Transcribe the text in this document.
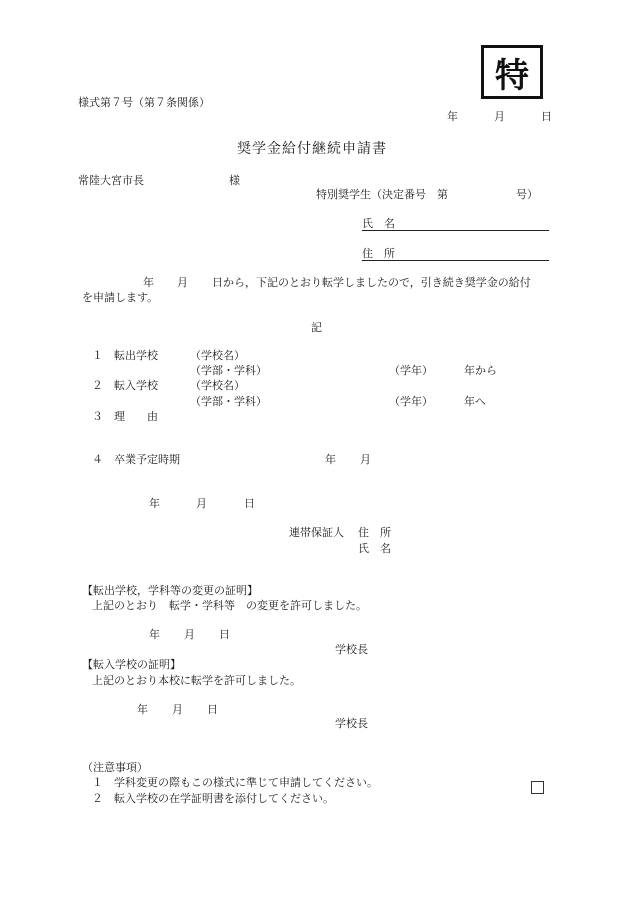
特
様式第７号（第７条関係）
年	月	日
奨学金給付継続申請書
常陸大宮市長	様
特別奨学生（決定番号　第	号）
氏　名
住　所
年 月 日から，下記のとおり転学しましたので，引き続き奨学金の給付
を申請します。
記
１ 転出学校	（学校名）
（学部・学科）	（学年）	年から
２ 転入学校	（学校名）
（学部・学科）	（学年）	年へ
３ 理　　由
４ 卒業予定時期	年 月
年	月	日
連帯保証人 住　所
氏　名
【転出学校，学科等の変更の証明】
上記のとおり　転学・学科等　の変更を許可しました。
年 月 日
学校長
【転入学校の証明】
上記のとおり本校に転学を許可しました。
年 月 日
学校長
（注意事項）
１ 学科変更の際もこの様式に準じて申請してください。
２ 転入学校の在学証明書を添付してください。
